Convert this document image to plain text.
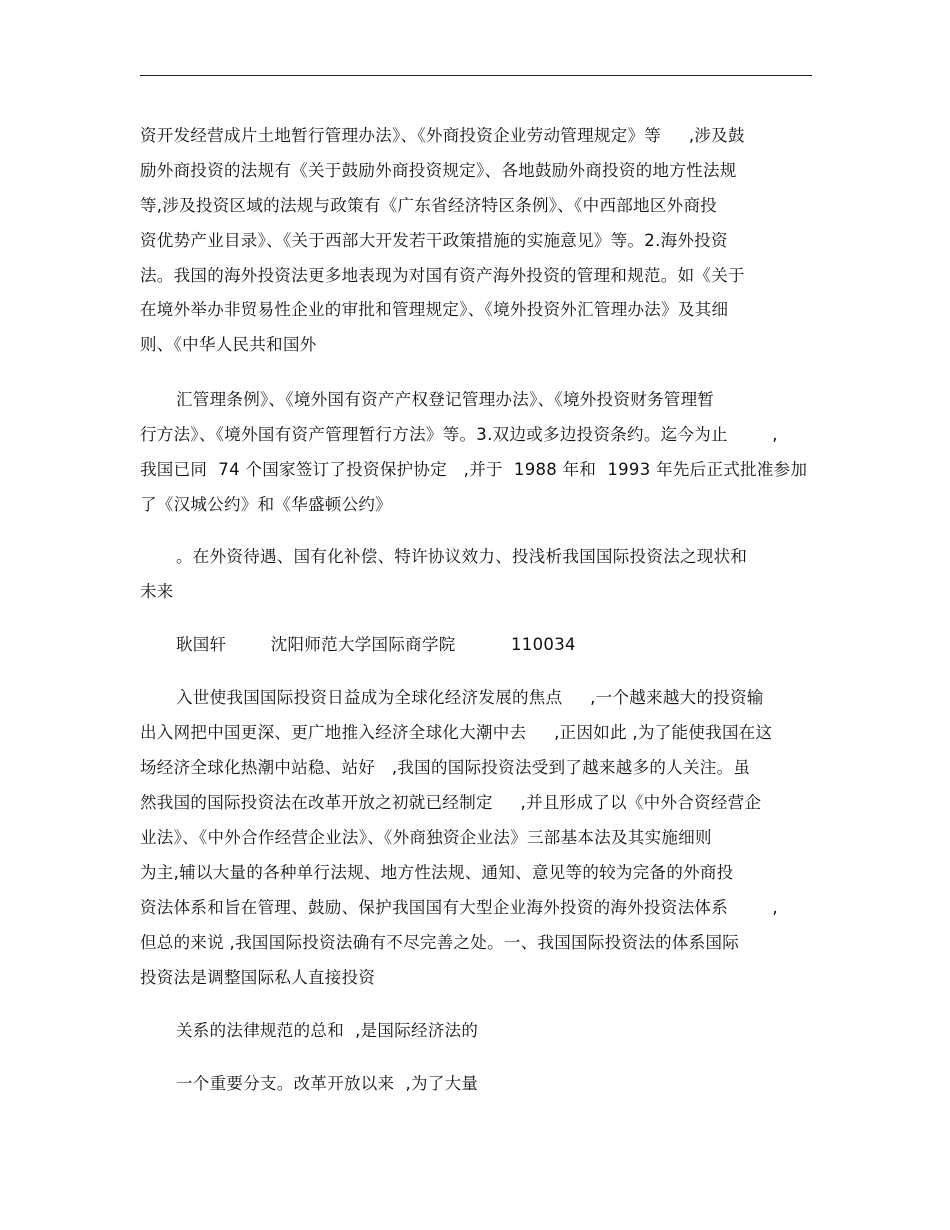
资开发经营成片土地暂行管理办法》、《外商投资企业劳动管理规定》等     ,涉及鼓
励外商投资的法规有《关于鼓励外商投资规定》、各地鼓励外商投资的地方性法规
等,涉及投资区域的法规与政策有《广东省经济特区条例》、《中西部地区外商投
资优势产业目录》、《关于西部大开发若干政策措施的实施意见》等。2.海外投资
法。我国的海外投资法更多地表现为对国有资产海外投资的管理和规范。如《关于
在境外举办非贸易性企业的审批和管理规定》、《境外投资外汇管理办法》及其细
则、《中华人民共和国外
汇管理条例》、《境外国有资产产权登记管理办法》、《境外投资财务管理暂
行方法》、《境外国有资产管理暂行方法》等。3.双边或多边投资条约。迄今为止        ,
我国已同  74 个国家签订了投资保护协定   ,并于  1988 年和  1993 年先后正式批准参加
了《汉城公约》和《华盛顿公约》
。在外资待遇、国有化补偿、特许协议效力、投浅析我国国际投资法之现状和
未来
耿国轩        沈阳师范大学国际商学院          110034
入世使我国国际投资日益成为全球化经济发展的焦点     ,一个越来越大的投资输
出入网把中国更深、更广地推入经济全球化大潮中去     ,正因如此 ,为了能使我国在这
场经济全球化热潮中站稳、站好   ,我国的国际投资法受到了越来越多的人关注。虽
然我国的国际投资法在改革开放之初就已经制定     ,并且形成了以《中外合资经营企
业法》、《中外合作经营企业法》、《外商独资企业法》三部基本法及其实施细则
为主,辅以大量的各种单行法规、地方性法规、通知、意见等的较为完备的外商投
资法体系和旨在管理、鼓励、保护我国国有大型企业海外投资的海外投资法体系        ,
但总的来说 ,我国国际投资法确有不尽完善之处。一、我国国际投资法的体系国际
投资法是调整国际私人直接投资
关系的法律规范的总和  ,是国际经济法的
一个重要分支。改革开放以来  ,为了大量
